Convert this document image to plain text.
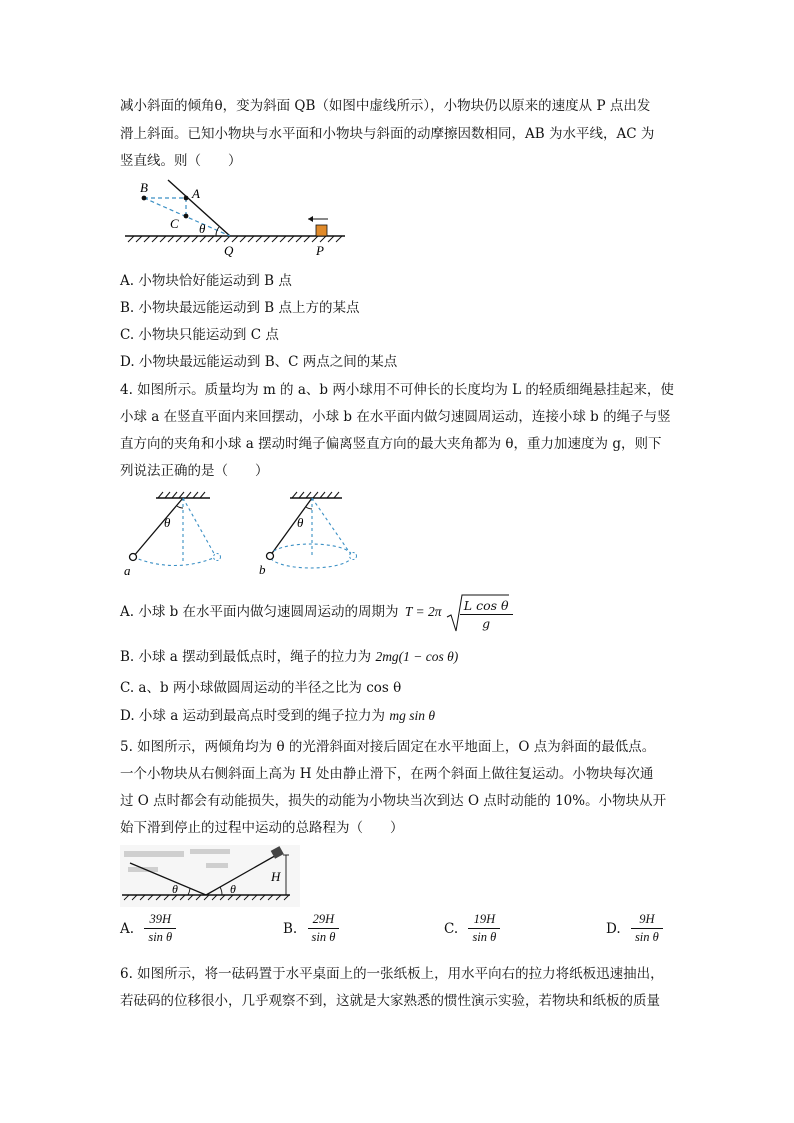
减小斜面的倾角θ，变为斜面 QB（如图中虚线所示），小物块仍以原来的速度从 P 点出发
滑上斜面。已知小物块与水平面和小物块与斜面的动摩擦因数相同，AB 为水平线，AC 为
竖直线。则（　　）
B	A
C θ
Q	P
A. 小物块恰好能运动到 B 点
B. 小物块最远能运动到 B 点上方的某点
C. 小物块只能运动到 C 点
D. 小物块最远能运动到 B、C 两点之间的某点
4. 如图所示。质量均为 m 的 a、b 两小球用不可伸长的长度均为 L 的轻质细绳悬挂起来，使
小球 a 在竖直平面内来回摆动，小球 b 在水平面内做匀速圆周运动，连接小球 b 的绳子与竖
直方向的夹角和小球 a 摆动时绳子偏离竖直方向的最大夹角都为 θ，重力加速度为 g，则下
列说法正确的是（　　）
θ
a
θ
b
A. 小球 b 在水平面内做匀速圆周运动的周期为 $T = 2\pi \frac{\text{L cos θ}}{g}$
B. 小球 a 摆动到最低点时，绳子的拉力为 2mg(1 − cos θ)
C. a、b 两小球做圆周运动的半径之比为 cos θ
D. 小球 a 运动到最高点时受到的绳子拉力为 mg sin θ
5. 如图所示，两倾角均为 θ 的光滑斜面对接后固定在水平地面上，O 点为斜面的最低点。
一个小物块从右侧斜面上高为 H 处由静止滑下，在两个斜面上做往复运动。小物块每次通
过 O 点时都会有动能损失，损失的动能为小物块当次到达 O 点时动能的 10%。小物块从开
始下滑到停止的过程中运动的总路程为（　　）
θ	θ
H
A. $\frac{39H}{\text{sin θ}}$	B. $\frac{29H}{\text{sin θ}}$	C. $\frac{19H}{\text{sin θ}}$	D. $\frac{9H}{\text{sin θ}}$
6. 如图所示，将一砝码置于水平桌面上的一张纸板上，用水平向右的拉力将纸板迅速抽出，
若砝码的位移很小，几乎观察不到，这就是大家熟悉的惯性演示实验，若物块和纸板的质量
